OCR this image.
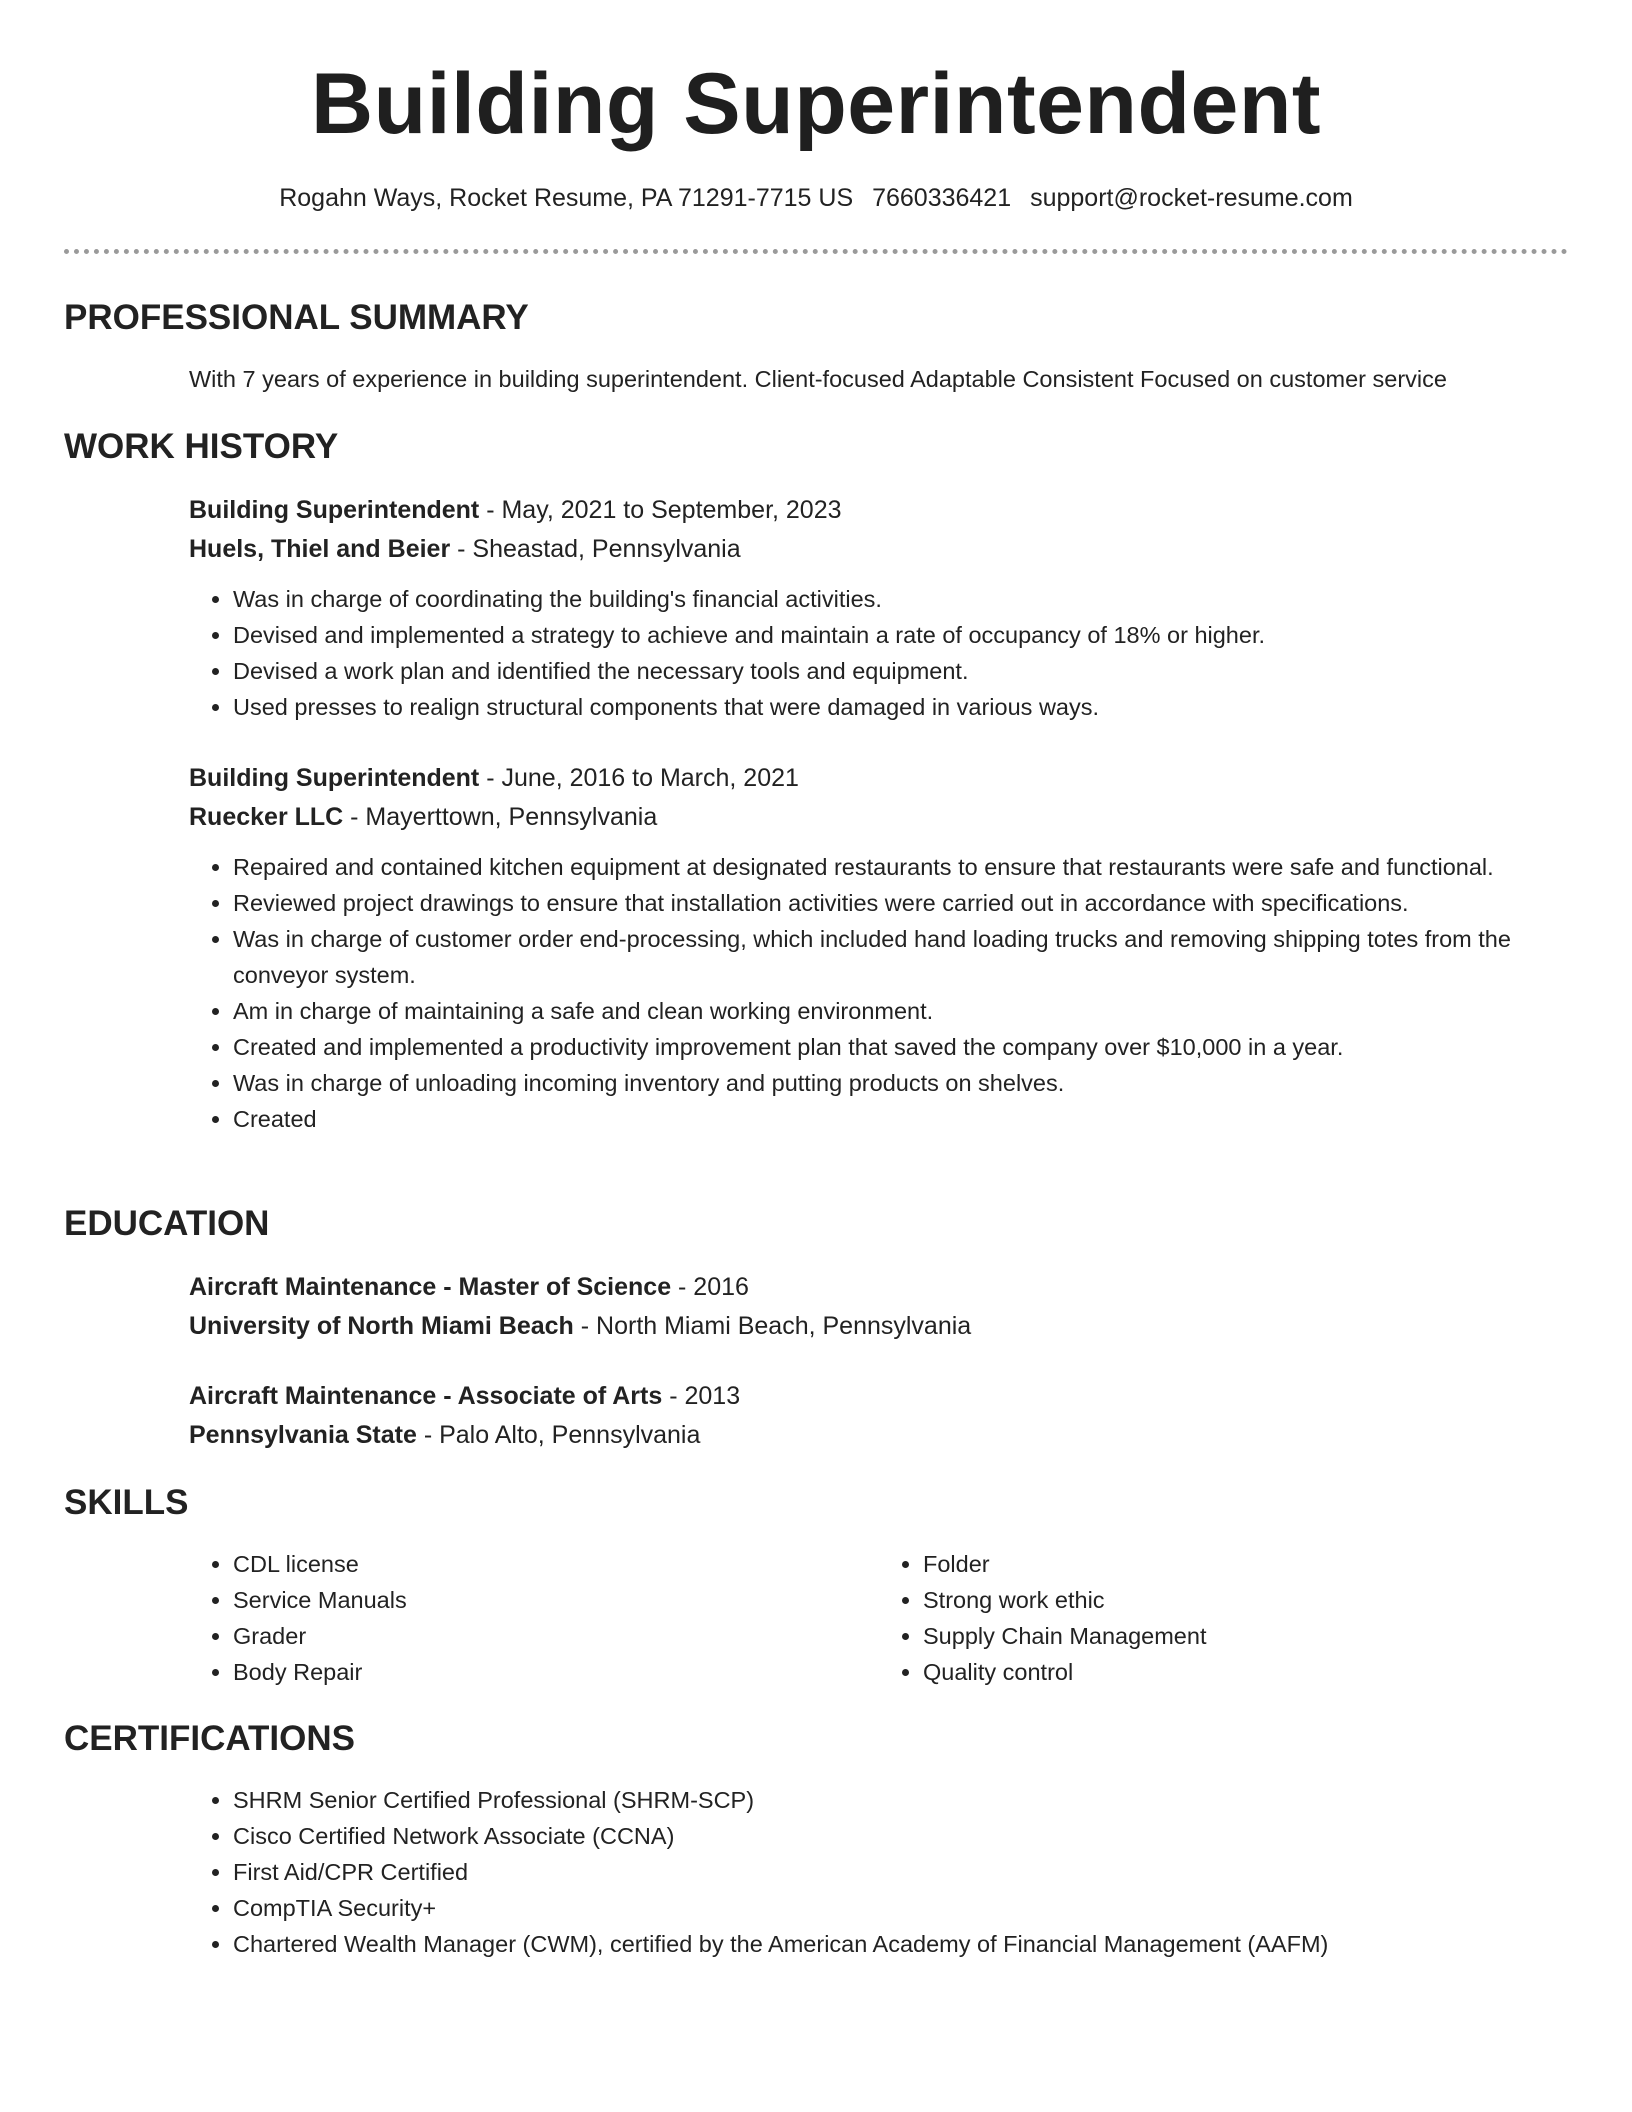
Building Superintendent
Rogahn Ways, Rocket Resume, PA 71291-7715 US 7660336421 support@rocket-resume.com
PROFESSIONAL SUMMARY
With 7 years of experience in building superintendent. Client-focused Adaptable Consistent Focused on customer service
WORK HISTORY
Building Superintendent - May, 2021 to September, 2023
Huels, Thiel and Beier - Sheastad, Pennsylvania
• Was in charge of coordinating the building's financial activities.
• Devised and implemented a strategy to achieve and maintain a rate of occupancy of 18% or higher.
• Devised a work plan and identified the necessary tools and equipment.
• Used presses to realign structural components that were damaged in various ways.
Building Superintendent - June, 2016 to March, 2021
Ruecker LLC - Mayerttown, Pennsylvania
• Repaired and contained kitchen equipment at designated restaurants to ensure that restaurants were safe and functional.
• Reviewed project drawings to ensure that installation activities were carried out in accordance with specifications.
• Was in charge of customer order end-processing, which included hand loading trucks and removing shipping totes from the conveyor system.
• Am in charge of maintaining a safe and clean working environment.
• Created and implemented a productivity improvement plan that saved the company over $10,000 in a year.
• Was in charge of unloading incoming inventory and putting products on shelves.
• Created
EDUCATION
Aircraft Maintenance - Master of Science - 2016
University of North Miami Beach - North Miami Beach, Pennsylvania
Aircraft Maintenance - Associate of Arts - 2013
Pennsylvania State - Palo Alto, Pennsylvania
SKILLS
• CDL license
• Service Manuals
• Grader
• Body Repair
• Folder
• Strong work ethic
• Supply Chain Management
• Quality control
CERTIFICATIONS
• SHRM Senior Certified Professional (SHRM-SCP)
• Cisco Certified Network Associate (CCNA)
• First Aid/CPR Certified
• CompTIA Security+
• Chartered Wealth Manager (CWM), certified by the American Academy of Financial Management (AAFM)
